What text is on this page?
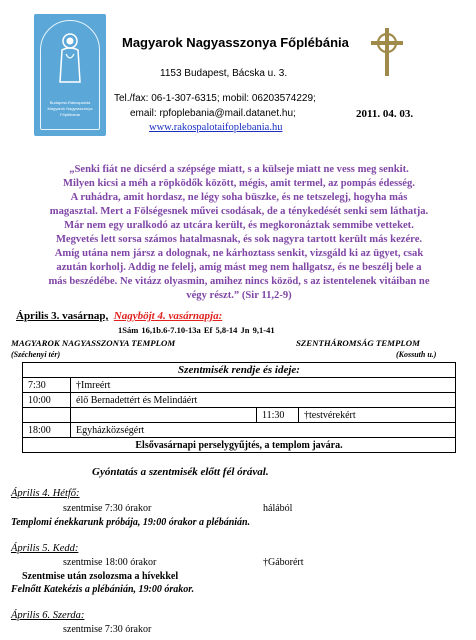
Budapest-Rákospalota
Magyarok Nagyasszonya
Főplébánia
Magyarok Nagyasszonya Főplébánia
1153 Budapest, Bácska u. 3.
Tel./fax: 06-1-307-6315; mobil: 06203574229;
email: rpfoplebania@mail.datanet.hu;
www.rakospalotaifoplebania.hu
2011. 04. 03.
„Senki fiát ne dicsérd a szépsége miatt, s a külseje miatt ne vess meg senkit.
Milyen kicsi a méh a röpködők között, mégis, amit termel, az pompás édesség.
A ruhádra, amit hordasz, ne légy soha büszke, és ne tetszelegj, hogyha más
magasztal. Mert a Fölségesnek művei csodásak, de a ténykedését senki sem láthatja.
Már nem egy uralkodó az utcára került, és megkoronáztak semmibe vetteket.
Megvetés lett sorsa számos hatalmasnak, és sok nagyra tartott került más kezére.
Amíg utána nem jársz a dolognak, ne kárhoztass senkit, vizsgáld ki az ügyet, csak
azután korholj. Addig ne felelj, amíg mást meg nem hallgatsz, és ne beszélj bele a
más beszédébe. Ne vitázz olyasmin, amihez nincs közöd, s az istentelenek vitáiban ne
végy részt.” (Sir 11,2-9)
Április 3. vasárnap, Nagyböjt 4. vasárnapja:
1Sám 16,1b.6-7.10-13a Ef 5,8-14 Jn 9,1-41
MAGYAROK NAGYASSZONYA TEMPLOM	SZENTHÁROMSÁG TEMPLOM
(Széchenyi tér)	(Kossuth u.)
Szentmisék rendje és ideje:			
7:30	†Imreért		
10:00	élő Bernadettért és Melindáért		
		11:30	†testvérekért
18:00	Egyházközségért		
Elsővasárnapi perselygyűjtés, a templom javára.			
Gyóntatás a szentmisék előtt fél órával.
Április 4. Hétfő:
szentmise 7:30 órakor	hálából
Templomi énekkarunk próbája, 19:00 órakor a plébánián.
Április 5. Kedd:
szentmise 18:00 órakor	†Gáborért
Szentmise után zsolozsma a hívekkel
Felnőtt Katekézis a plébánián, 19:00 órakor.
Április 6. Szerda:
szentmise 7:30 órakor
